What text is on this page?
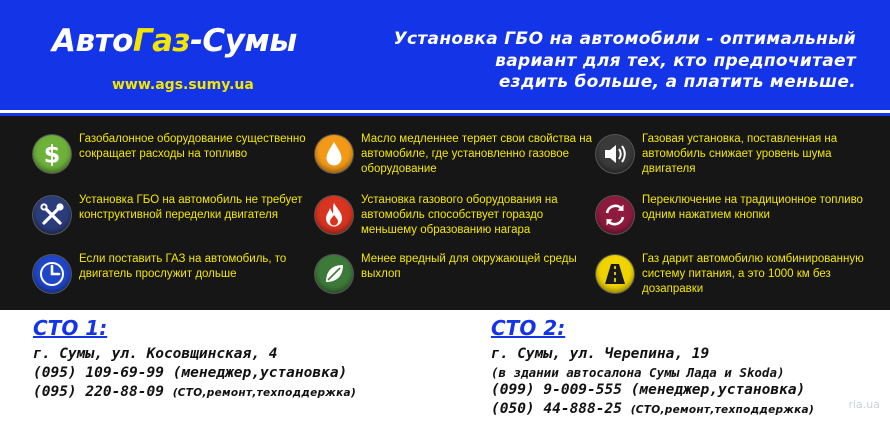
АвтоГаз-Сумы
www.ags.sumy.ua
Установка ГБО на автомобили - оптимальный
вариант для тех, кто предпочитает
ездить больше, а платить меньше.
$
Газобалонное оборудование существенно сокращает расходы на топливо
Масло медленнее теряет свои свойства на автомобиле, где установленно газовое оборудование
Газовая установка, поставленная на автомобиль снижает уровень шума двигателя
Установка ГБО на автомобиль не требует конструктивной переделки двигателя
Установка газового оборудования на автомобиль способствует гораздо меньшему образованию нагара
Переключение на традиционное топливо одним нажатием кнопки
Если поставить ГАЗ на автомобиль, то двигатель прослужит дольше
Менее вредный для окружающей среды выхлоп
Газ дарит автомобилю комбинированную систему питания, а это 1000 км без дозаправки
СТО 1:
г. Сумы, ул. Косовщинская, 4
(095) 109-69-99 (менеджер,установка)
(095) 220-88-09 (СТО,ремонт,техподдержка)
СТО 2:
г. Сумы, ул. Черепина, 19
(в здании автосалона Сумы Лада и Skoda)
(099) 9-009-555 (менеджер,установка)
(050) 44-888-25 (СТО,ремонт,техподдержка)	ria.ua
